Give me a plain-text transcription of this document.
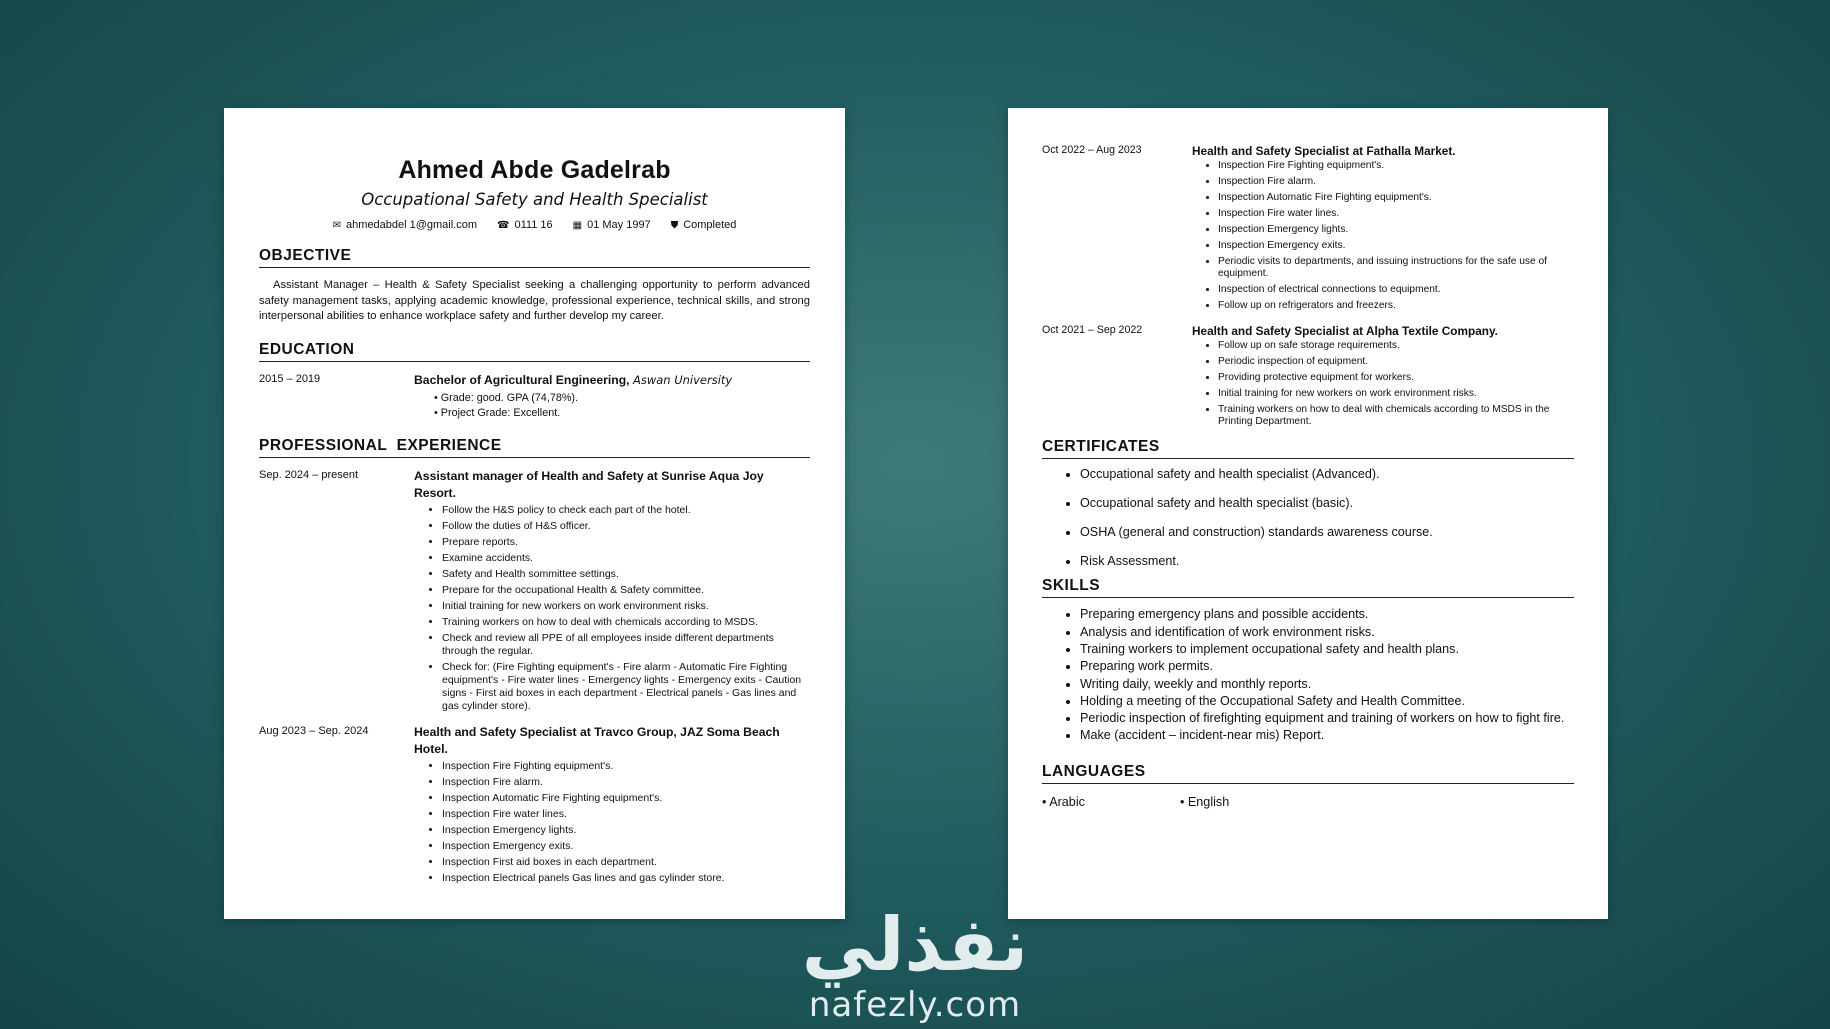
Ahmed Abde Gadelrab
Occupational Safety and Health Specialist
✉ ahmedabdel 1@gmail.com ☎ 0111 16 ▦ 01 May 1997 ⛊ Completed
OBJECTIVE
Assistant Manager – Health & Safety Specialist seeking a challenging opportunity to perform advanced safety management tasks, applying academic knowledge, professional experience, technical skills, and strong interpersonal abilities to enhance workplace safety and further develop my career.
EDUCATION
2015 – 2019	Bachelor of Agricultural Engineering, Aswan University
• Grade: good. GPA (74,78%).
• Project Grade: Excellent.
PROFESSIONAL  EXPERIENCE
Sep. 2024 – present	Assistant manager of Health and Safety at Sunrise Aqua Joy Resort.
• Follow the H&S policy to check each part of the hotel.
• Follow the duties of H&S officer.
• Prepare reports.
• Examine accidents.
• Safety and Health sommittee settings.
• Prepare for the occupational Health & Safety committee.
• Initial training for new workers on work environment risks.
• Training workers on how to deal with chemicals according to MSDS.
• Check and review all PPE of all employees inside different departments through the regular.
• Check for: (Fire Fighting equipment's - Fire alarm - Automatic Fire Fighting equipment's - Fire water lines - Emergency lights - Emergency exits - Caution signs - First aid boxes in each department - Electrical panels - Gas lines and gas cylinder store).
Aug 2023 – Sep. 2024	Health and Safety Specialist at Travco Group, JAZ Soma Beach Hotel.
• Inspection Fire Fighting equipment's.
• Inspection Fire alarm.
• Inspection Automatic Fire Fighting equipment's.
• Inspection Fire water lines.
• Inspection Emergency lights.
• Inspection Emergency exits.
• Inspection First aid boxes in each department.
• Inspection Electrical panels Gas lines and gas cylinder store.
Oct 2022 – Aug 2023	Health and Safety Specialist at Fathalla Market.
• Inspection Fire Fighting equipment's.
• Inspection Fire alarm.
• Inspection Automatic Fire Fighting equipment's.
• Inspection Fire water lines.
• Inspection Emergency lights.
• Inspection Emergency exits.
• Periodic visits to departments, and issuing instructions for the safe use of equipment.
• Inspection of electrical connections to equipment.
• Follow up on refrigerators and freezers.
Oct 2021 – Sep 2022	Health and Safety Specialist at Alpha Textile Company.
• Follow up on safe storage requirements.
• Periodic inspection of equipment.
• Providing protective equipment for workers.
• Initial training for new workers on work environment risks.
• Training workers on how to deal with chemicals according to MSDS in the Printing Department.
CERTIFICATES
• Occupational safety and health specialist (Advanced).
• Occupational safety and health specialist (basic).
• OSHA (general and construction) standards awareness course.
• Risk Assessment.
SKILLS
• Preparing emergency plans and possible accidents.
• Analysis and identification of work environment risks.
• Training workers to implement occupational safety and health plans.
• Preparing work permits.
• Writing daily, weekly and monthly reports.
• Holding a meeting of the Occupational Safety and Health Committee.
• Periodic inspection of firefighting equipment and training of workers on how to fight fire.
• Make (accident – incident-near mis) Report.
LANGUAGES
• Arabic	• English
نفذلي
nafezly.com
